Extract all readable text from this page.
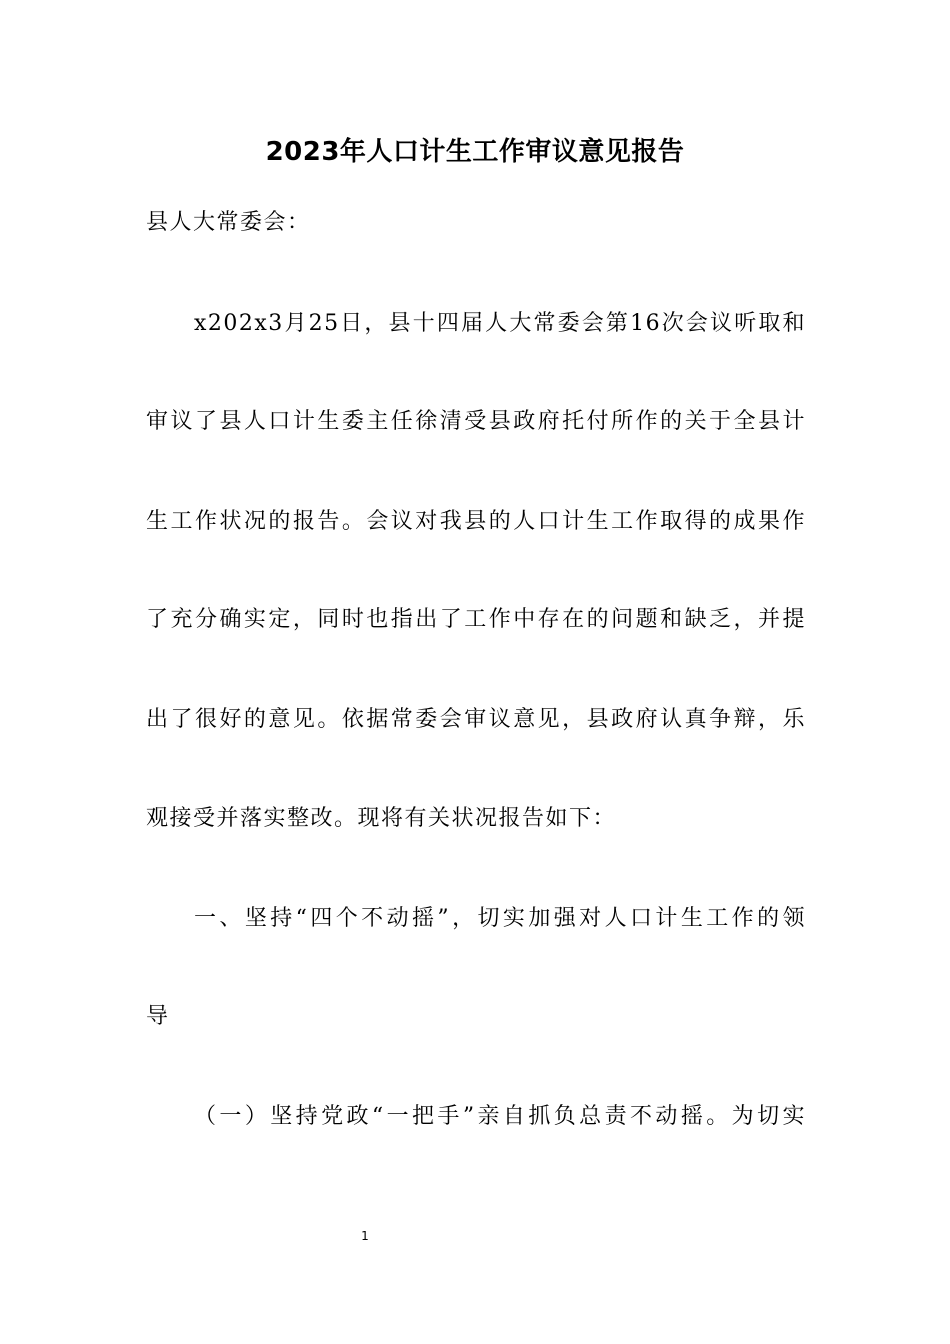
2023年人口计生工作审议意见报告
县人大常委会：
x202x3月25日，县十四届人大常委会第16次会议听取和
审议了县人口计生委主任徐清受县政府托付所作的关于全县计
生工作状况的报告。会议对我县的人口计生工作取得的成果作
了充分确实定，同时也指出了工作中存在的问题和缺乏，并提
出了很好的意见。依据常委会审议意见，县政府认真争辩，乐
观接受并落实整改。现将有关状况报告如下：
一、坚持“四个不动摇”，切实加强对人口计生工作的领
导
（一）坚持党政“一把手”亲自抓负总责不动摇。为切实
1
